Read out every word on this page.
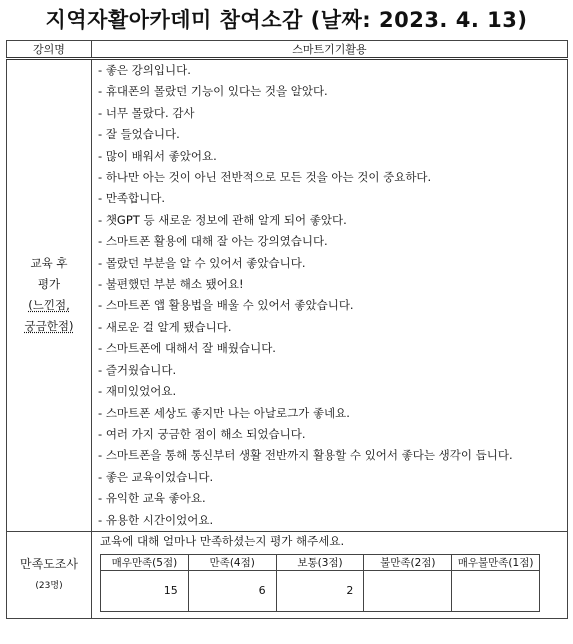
지역자활아카데미 참여소감 (날짜: 2023. 4. 13)
강의명	스마트기기활용

교육 후
평가
(느낀점,
궁금한점)

- 좋은 강의입니다.
- 휴대폰의 몰랐던 기능이 있다는 것을 알았다.
- 너무 몰랐다. 감사
- 잘 들었습니다.
- 많이 배워서 좋았어요.
- 하나만 아는 것이 아닌 전반적으로 모든 것을 아는 것이 중요하다.
- 만족합니다.
- 챗GPT 등 새로운 정보에 관해 알게 되어 좋았다.
- 스마트폰 활용에 대해 잘 아는 강의였습니다.
- 몰랐던 부분을 알 수 있어서 좋았습니다.
- 불편했던 부분 해소 됐어요!
- 스마트폰 앱 활용법을 배울 수 있어서 좋았습니다.
- 새로운 걸 알게 됐습니다.
- 스마트폰에 대해서 잘 배웠습니다.
- 즐거웠습니다.
- 재미있었어요.
- 스마트폰 세상도 좋지만 나는 아날로그가 좋네요.
- 여러 가지 궁금한 점이 해소 되었습니다.
- 스마트폰을 통해 통신부터 생활 전반까지 활용할 수 있어서 좋다는 생각이 듭니다.
- 좋은 교육이었습니다.
- 유익한 교육 좋아요.
- 유용한 시간이었어요.

만족도조사
(23명)

교육에 대해 얼마나 만족하셨는지 평가 해주세요.
매우만족(5점)	만족(4점)	보통(3점)	불만족(2점)	매우불만족(1점)
15	6	2		
